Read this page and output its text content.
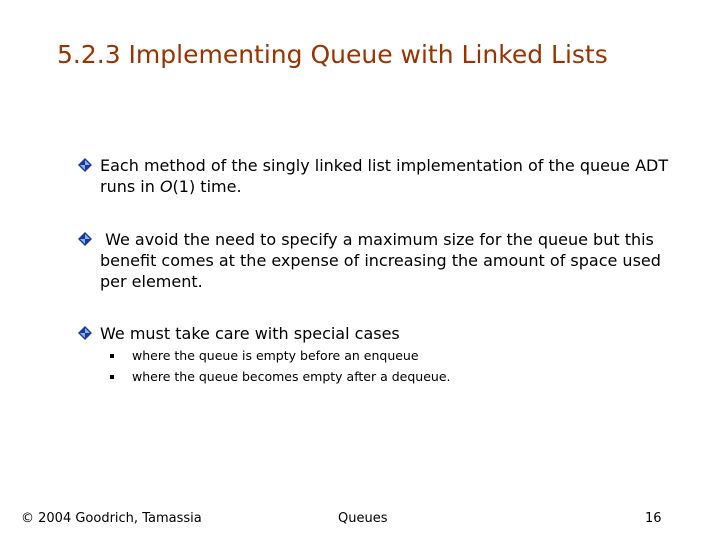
5.2.3 Implementing Queue with Linked Lists
Each method of the singly linked list implementation of the queue ADT
runs in O(1) time.
We avoid the need to specify a maximum size for the queue but this
benefit comes at the expense of increasing the amount of space used
per element.
We must take care with special cases
where the queue is empty before an enqueue
where the queue becomes empty after a dequeue.
© 2004 Goodrich, Tamassia	Queues	16
